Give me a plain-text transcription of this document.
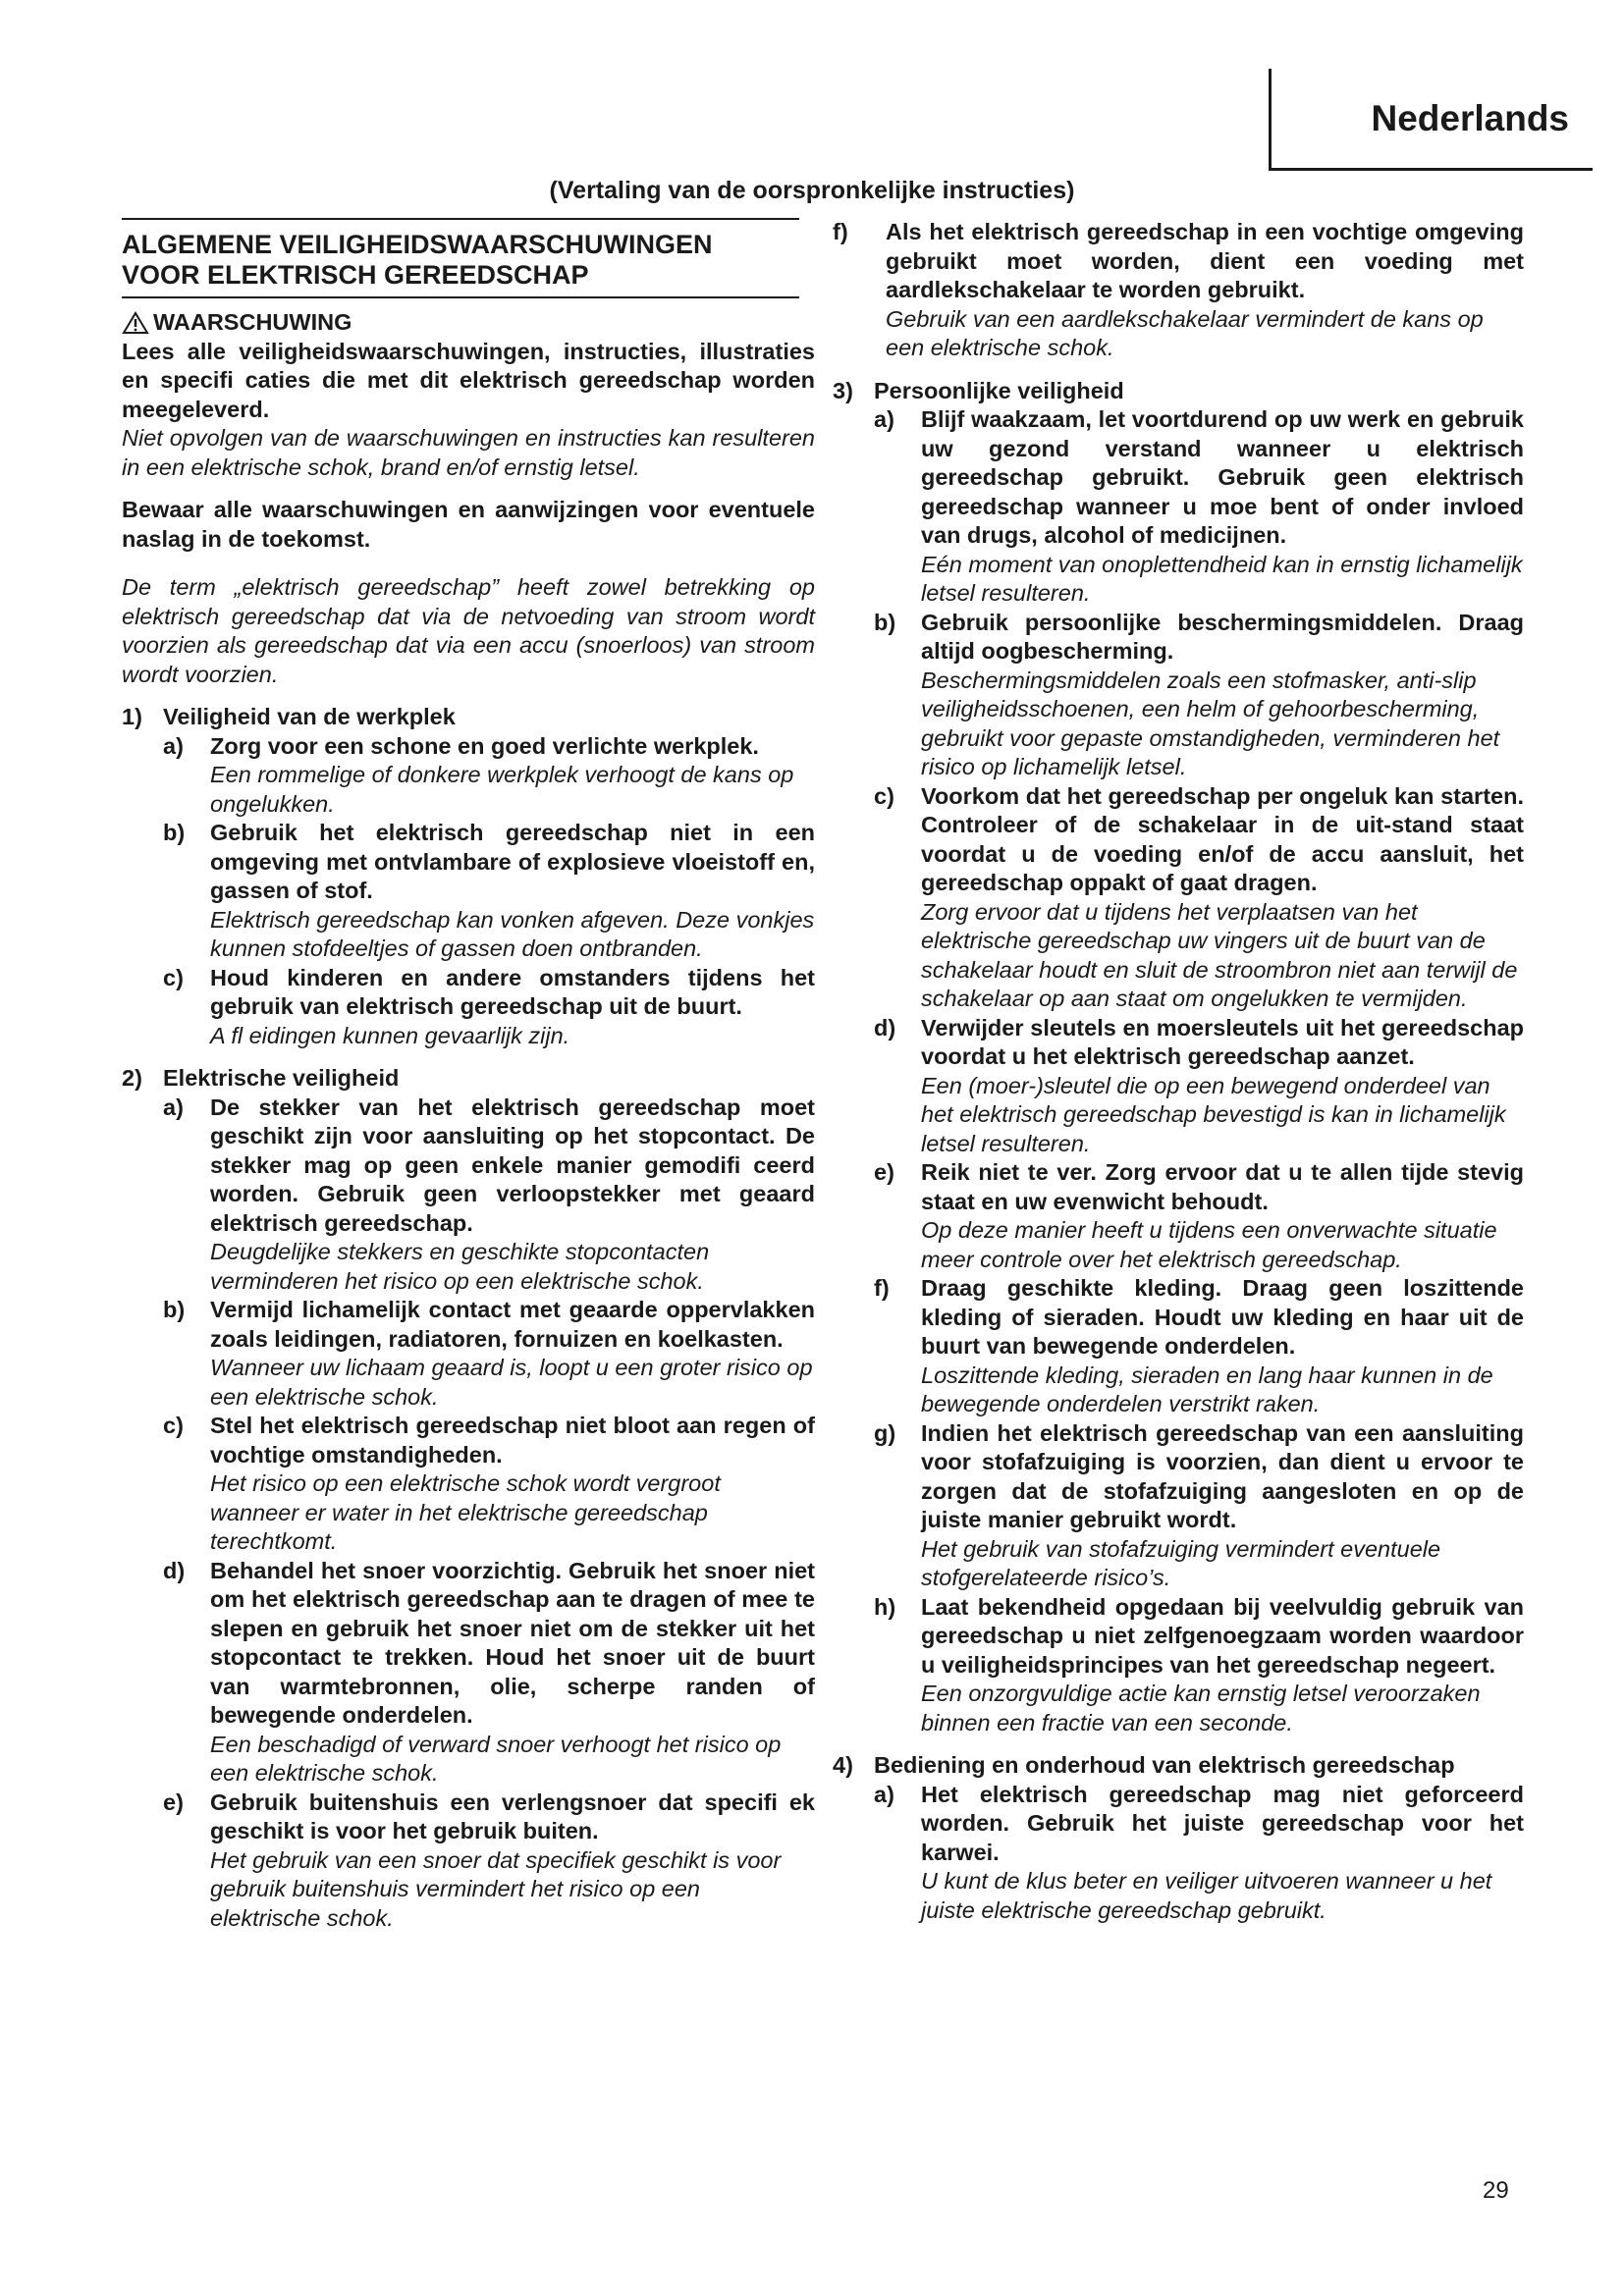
Nederlands
(Vertaling van de oorspronkelijke instructies)
ALGEMENE VEILIGHEIDSWAARSCHUWINGEN
VOOR ELEKTRISCH GEREEDSCHAP
WAARSCHUWING

Lees alle veiligheidswaarschuwingen, instructies, illustraties en specifi caties die met dit elektrisch gereedschap worden meegeleverd.

Niet opvolgen van de waarschuwingen en instructies kan resulteren in een elektrische schok, brand en/of ernstig letsel.

Bewaar alle waarschuwingen en aanwijzingen voor eventuele naslag in de toekomst.

De term „elektrisch gereedschap” heeft zowel betrekking op elektrisch gereedschap dat via de netvoeding van stroom wordt voorzien als gereedschap dat via een accu (snoerloos) van stroom wordt voorzien.

1) Veiligheid van de werkplek
a)	Zorg voor een schone en goed verlichte werkplek.

Een rommelige of donkere werkplek verhoogt de kans op ongelukken.

b)	Gebruik het elektrisch gereedschap niet in een omgeving met ontvlambare of explosieve vloeistoff en, gassen of stof.

Elektrisch gereedschap kan vonken afgeven. Deze vonkjes kunnen stofdeeltjes of gassen doen ontbranden.

c)	Houd kinderen en andere omstanders tijdens het gebruik van elektrisch gereedschap uit de buurt.

A fl eidingen kunnen gevaarlijk zijn.

2) Elektrische veiligheid
a)	De stekker van het elektrisch gereedschap moet geschikt zijn voor aansluiting op het stopcontact. De stekker mag op geen enkele manier gemodifi ceerd worden. Gebruik geen verloopstekker met geaard elektrisch gereedschap.

Deugdelijke stekkers en geschikte stopcontacten verminderen het risico op een elektrische schok.

b)	Vermijd lichamelijk contact met geaarde oppervlakken zoals leidingen, radiatoren, fornuizen en koelkasten.

Wanneer uw lichaam geaard is, loopt u een groter risico op een elektrische schok.

c)	Stel het elektrisch gereedschap niet bloot aan regen of vochtige omstandigheden.

Het risico op een elektrische schok wordt vergroot wanneer er water in het elektrische gereedschap terechtkomt.

d)	Behandel het snoer voorzichtig. Gebruik het snoer niet om het elektrisch gereedschap aan te dragen of mee te slepen en gebruik het snoer niet om de stekker uit het stopcontact te trekken. Houd het snoer uit de buurt van warmtebronnen, olie, scherpe randen of bewegende onderdelen.

Een beschadigd of verward snoer verhoogt het risico op een elektrische schok.

e)	Gebruik buitenshuis een verlengsnoer dat specifi ek geschikt is voor het gebruik buiten.

Het gebruik van een snoer dat specifiek geschikt is voor gebruik buitenshuis vermindert het risico op een elektrische schok.

f)	Als het elektrisch gereedschap in een vochtige omgeving gebruikt moet worden, dient een voeding met aardlekschakelaar te worden gebruikt.

Gebruik van een aardlekschakelaar vermindert de kans op een elektrische schok.

3) Persoonlijke veiligheid
a)	Blijf waakzaam, let voortdurend op uw werk en gebruik uw gezond verstand wanneer u elektrisch gereedschap gebruikt. Gebruik geen elektrisch gereedschap wanneer u moe bent of onder invloed van drugs, alcohol of medicijnen.

Eén moment van onoplettendheid kan in ernstig lichamelijk letsel resulteren.

b)	Gebruik persoonlijke beschermingsmiddelen. Draag altijd oogbescherming.

Beschermingsmiddelen zoals een stofmasker, anti-slip veiligheidsschoenen, een helm of gehoorbescherming, gebruikt voor gepaste omstandigheden, verminderen het risico op lichamelijk letsel.

c)	Voorkom dat het gereedschap per ongeluk kan starten. Controleer of de schakelaar in de uit-stand staat voordat u de voeding en/of de accu aansluit, het gereedschap oppakt of gaat dragen.

Zorg ervoor dat u tijdens het verplaatsen van het elektrische gereedschap uw vingers uit de buurt van de schakelaar houdt en sluit de stroombron niet aan terwijl de schakelaar op aan staat om ongelukken te vermijden.

d)	Verwijder sleutels en moersleutels uit het gereedschap voordat u het elektrisch gereedschap aanzet.

Een (moer-)sleutel die op een bewegend onderdeel van het elektrisch gereedschap bevestigd is kan in lichamelijk letsel resulteren.

e)	Reik niet te ver. Zorg ervoor dat u te allen tijde stevig staat en uw evenwicht behoudt.

Op deze manier heeft u tijdens een onverwachte situatie meer controle over het elektrisch gereedschap.

f)	Draag geschikte kleding. Draag geen loszittende kleding of sieraden. Houdt uw kleding en haar uit de buurt van bewegende onderdelen.

Loszittende kleding, sieraden en lang haar kunnen in de bewegende onderdelen verstrikt raken.

g)	Indien het elektrisch gereedschap van een aansluiting voor stofafzuiging is voorzien, dan dient u ervoor te zorgen dat de stofafzuiging aangesloten en op de juiste manier gebruikt wordt.

Het gebruik van stofafzuiging vermindert eventuele stofgerelateerde risico’s.

h)	Laat bekendheid opgedaan bij veelvuldig gebruik van gereedschap u niet zelfgenoegzaam worden waardoor u veiligheidsprincipes van het gereedschap negeert.

Een onzorgvuldige actie kan ernstig letsel veroorzaken binnen een fractie van een seconde.

4) Bediening en onderhoud van elektrisch gereedschap
a)	Het elektrisch gereedschap mag niet geforceerd worden. Gebruik het juiste gereedschap voor het karwei.

U kunt de klus beter en veiliger uitvoeren wanneer u het juiste elektrische gereedschap gebruikt.

29
